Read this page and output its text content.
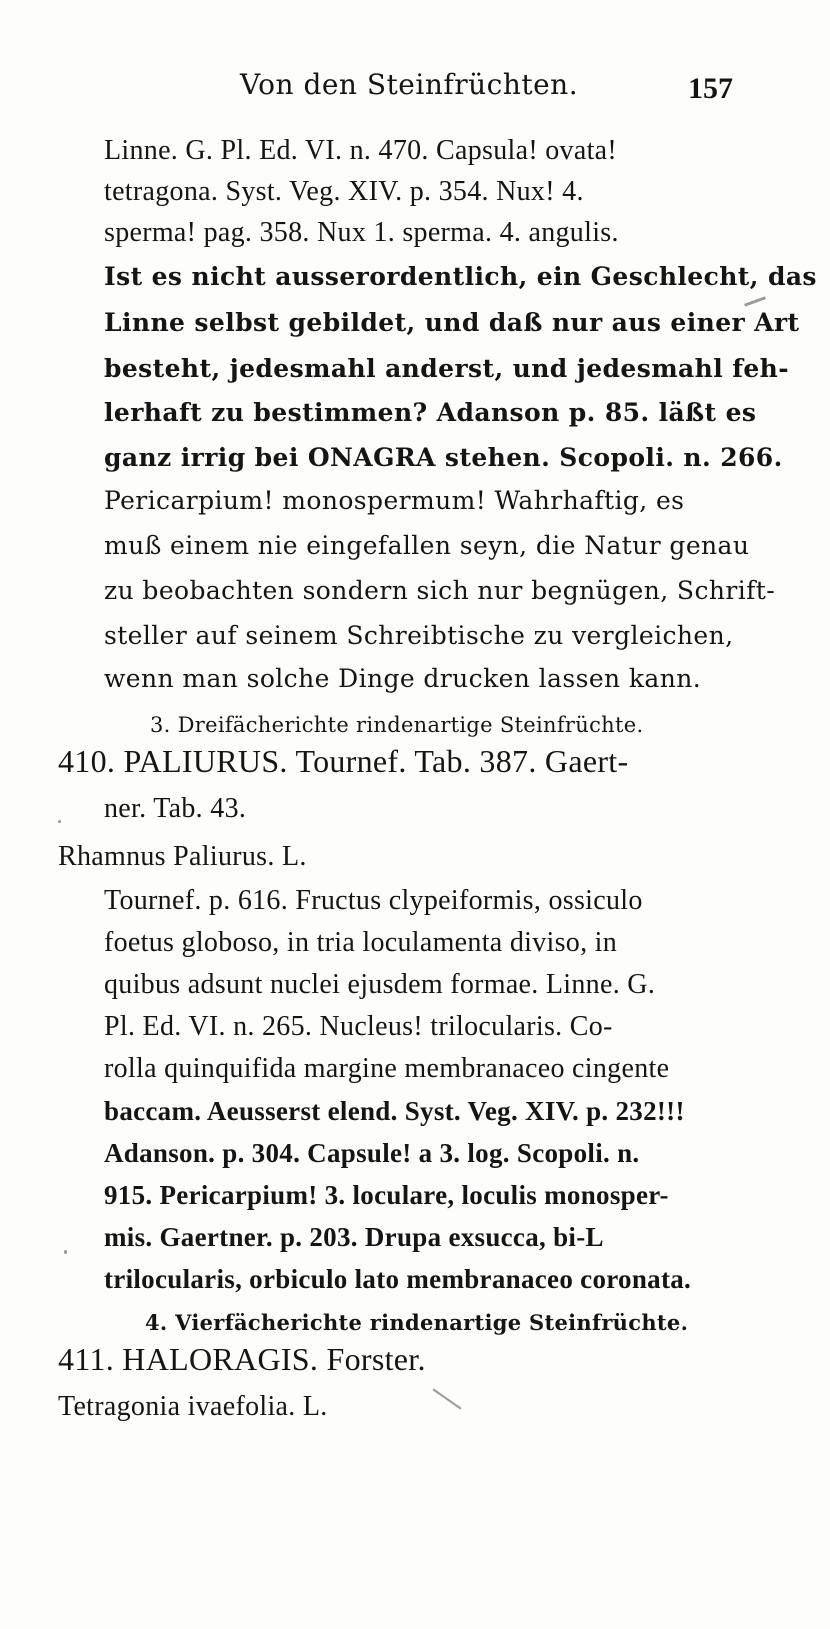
Von den Steinfrüchten.	157
Linne. G. Pl. Ed. VI. n. 470. Capsula! ovata!
tetragona. Syst. Veg. XIV. p. 354. Nux! 4.
sperma! pag. 358. Nux 1. sperma. 4. angulis.
Ist es nicht ausserordentlich, ein Geschlecht, das
Linne selbst gebildet, und daß nur aus einer Art
besteht, jedesmahl anderst, und jedesmahl feh-
lerhaft zu bestimmen? Adanson p. 85. läßt es
ganz irrig bei ONAGRA stehen. Scopoli. n. 266.
Pericarpium! monospermum! Wahrhaftig, es
muß einem nie eingefallen seyn, die Natur genau
zu beobachten sondern sich nur begnügen, Schrift-
steller auf seinem Schreibtische zu vergleichen,
wenn man solche Dinge drucken lassen kann.
3. Dreifächerichte rindenartige Steinfrüchte.
410. PALIURUS. Tournef. Tab. 387. Gaert-
ner. Tab. 43.
Rhamnus Paliurus. L.
Tournef. p. 616. Fructus clypeiformis, ossiculo
foetus globoso, in tria loculamenta diviso, in
quibus adsunt nuclei ejusdem formae. Linne. G.
Pl. Ed. VI. n. 265. Nucleus! trilocularis. Co-
rolla quinquifida margine membranaceo cingente
baccam. Aeusserst elend. Syst. Veg. XIV. p. 232!!!
Adanson. p. 304. Capsule! a 3. log. Scopoli. n.
915. Pericarpium! 3. loculare, loculis monosper-
mis. Gaertner. p. 203. Drupa exsucca, bi-L
trilocularis, orbiculo lato membranaceo coronata.
4. Vierfächerichte rindenartige Steinfrüchte.
411. HALORAGIS. Forster.
Tetragonia ivaefolia. L.
